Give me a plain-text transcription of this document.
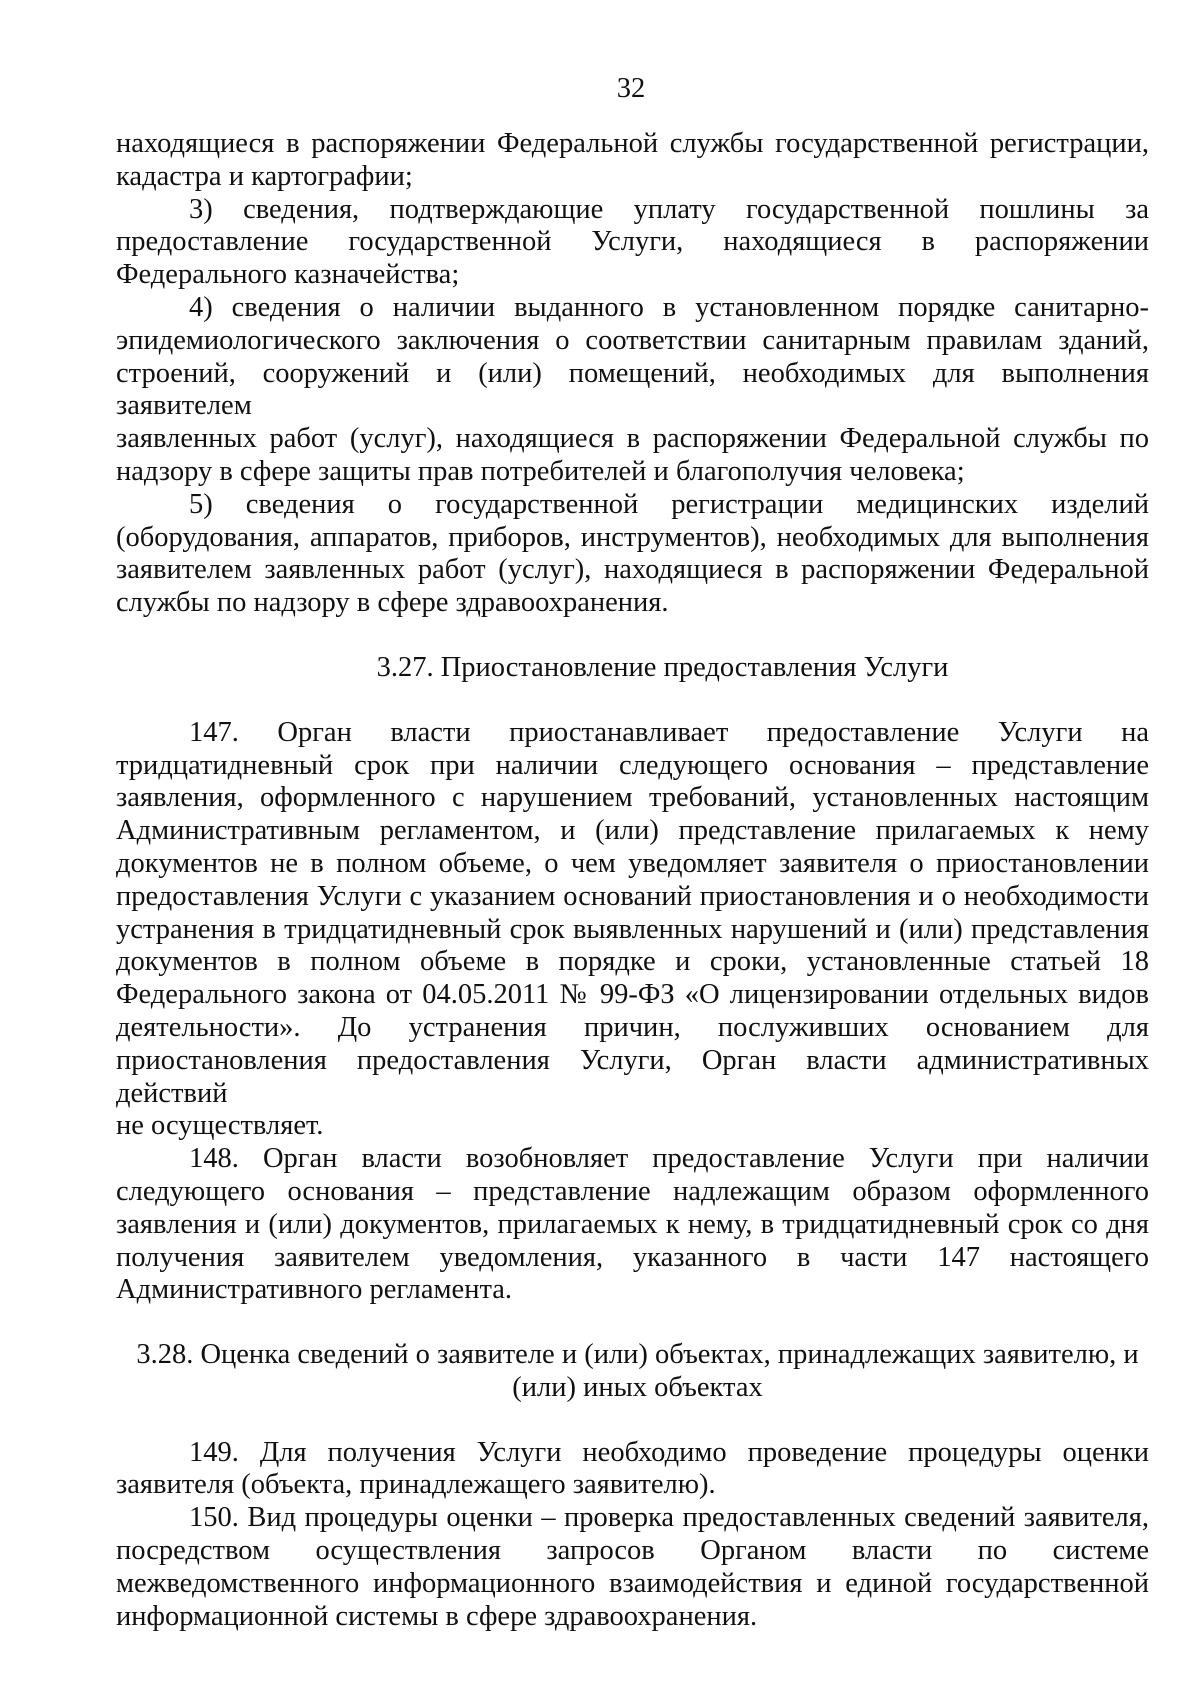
32
находящиеся в распоряжении Федеральной службы государственной регистрации,
кадастра и картографии;
3) сведения, подтверждающие уплату государственной пошлины за
предоставление государственной Услуги, находящиеся в распоряжении
Федерального казначейства;
4) сведения о наличии выданного в установленном порядке санитарно-
эпидемиологического заключения о соответствии санитарным правилам зданий,
строений, сооружений и (или) помещений, необходимых для выполнения заявителем
заявленных работ (услуг), находящиеся в распоряжении Федеральной службы по
надзору в сфере защиты прав потребителей и благополучия человека;
5) сведения о государственной регистрации медицинских изделий
(оборудования, аппаратов, приборов, инструментов), необходимых для выполнения
заявителем заявленных работ (услуг), находящиеся в распоряжении Федеральной
службы по надзору в сфере здравоохранения.
3.27. Приостановление предоставления Услуги
147. Орган власти приостанавливает предоставление Услуги на
тридцатидневный срок при наличии следующего основания – представление
заявления, оформленного с нарушением требований, установленных настоящим
Административным регламентом, и (или) представление прилагаемых к нему
документов не в полном объеме, о чем уведомляет заявителя о приостановлении
предоставления Услуги с указанием оснований приостановления и о необходимости
устранения в тридцатидневный срок выявленных нарушений и (или) представления
документов в полном объеме в порядке и сроки, установленные статьей 18
Федерального закона от 04.05.2011 № 99-ФЗ «О лицензировании отдельных видов
деятельности». До устранения причин, послуживших основанием для
приостановления предоставления Услуги, Орган власти административных действий
не осуществляет.
148. Орган власти возобновляет предоставление Услуги при наличии
следующего основания – представление надлежащим образом оформленного
заявления и (или) документов, прилагаемых к нему, в тридцатидневный срок со дня
получения заявителем уведомления, указанного в части 147 настоящего
Административного регламента.
3.28. Оценка сведений о заявителе и (или) объектах, принадлежащих заявителю, и
(или) иных объектах
149. Для получения Услуги необходимо проведение процедуры оценки
заявителя (объекта, принадлежащего заявителю).
150. Вид процедуры оценки – проверка предоставленных сведений заявителя,
посредством осуществления запросов Органом власти по системе
межведомственного информационного взаимодействия и единой государственной
информационной системы в сфере здравоохранения.
